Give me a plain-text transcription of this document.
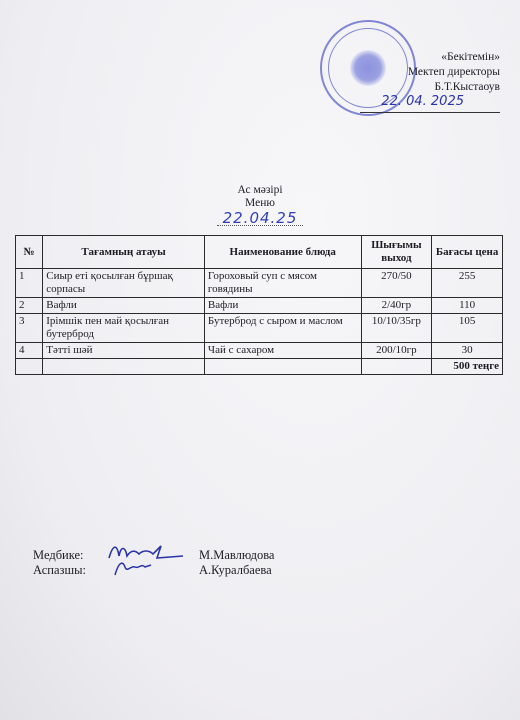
«Бекітемін»
Мектеп директоры
Б.Т.Кыстаоув
22. 04. 2025
Ас мәзірі
Меню
22.04.25
№	Тағамның атауы	Наименование блюда	Шығымы выход	Бағасы цена
1	Сиыр еті қосылған бұршақ сорпасы	Гороховый суп с мясом говядины	270/50	255
2	Вафли	Вафли	2/40гр	110
3	Ірімшік пен май қосылған бутерброд	Бутерброд с сыром и маслом	10/10/35гр	105
4	Тәтті шәй	Чай с сахаром	200/10гр	30
				500 теңге
Медбике:	М.Мавлюдова
Аспазшы:	А.Куралбаева
